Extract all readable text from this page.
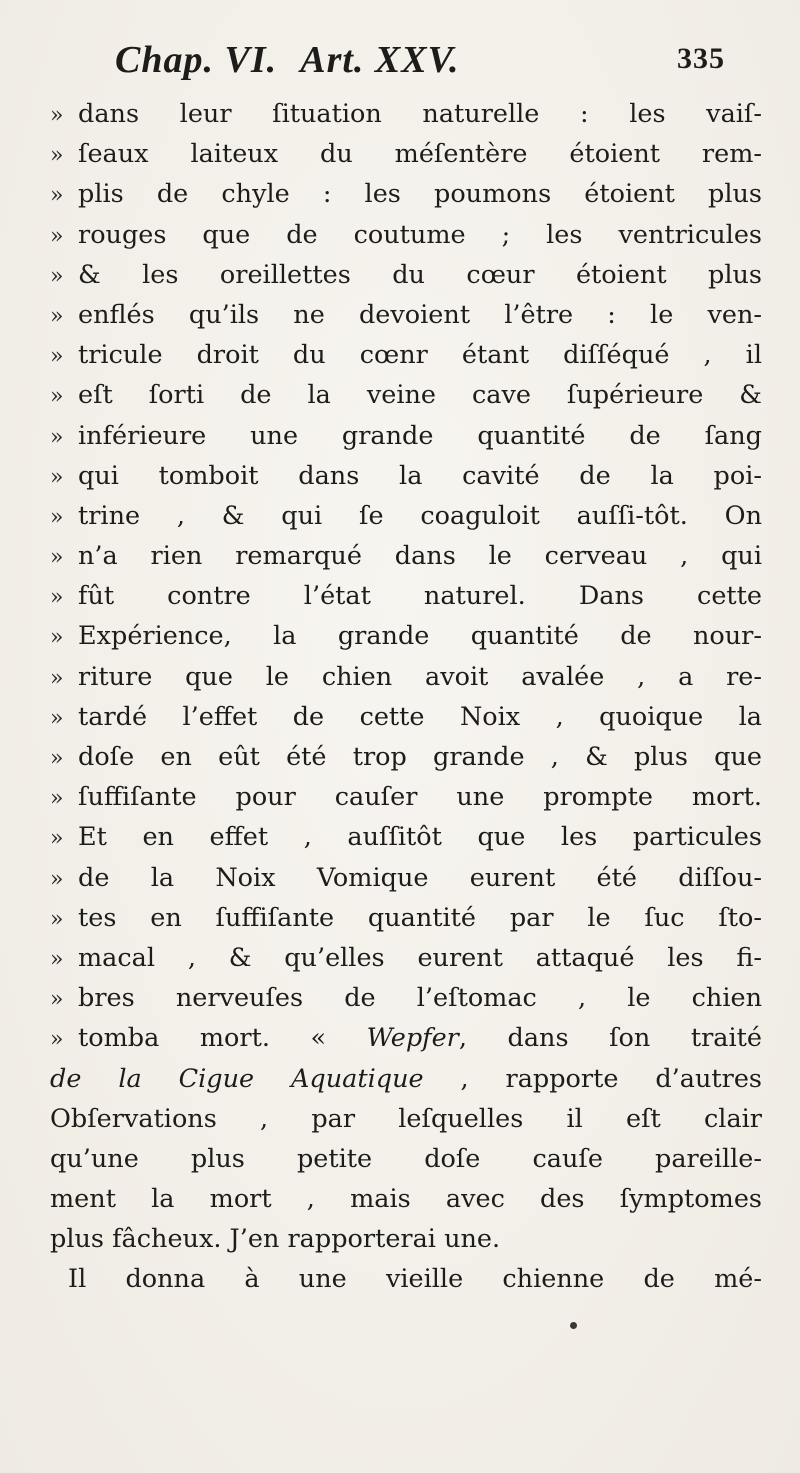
Chap. VI. Art. XXV.	335
» dans leur ſituation naturelle : les vaiſ-
» ſeaux laiteux du méſentère étoient rem-
» plis de chyle : les poumons étoient plus
» rouges que de coutume ; les ventricules
» & les oreillettes du cœur étoient plus
» enflés qu’ils ne devoient l’être : le ven-
» tricule droit du cœnr étant diſſéqué , il
» eſt ſorti de la veine cave ſupérieure &
» inférieure une grande quantité de ſang
» qui tomboit dans la cavité de la poi-
» trine , & qui ſe coaguloit auſſi-tôt. On
» n’a rien remarqué dans le cerveau , qui
» fût contre l’état naturel. Dans cette
» Expérience, la grande quantité de nour-
» riture que le chien avoit avalée , a re-
» tardé l’effet de cette Noix , quoique la
» doſe en eût été trop grande , & plus que
» ſuffiſante pour cauſer une prompte mort.
» Et en effet , auſſitôt que les particules
» de la Noix Vomique eurent été diſſou-
» tes en ſuffiſante quantité par le ſuc ſto-
» macal , & qu’elles eurent attaqué les fi-
» bres nerveuſes de l’eſtomac , le chien
» tomba mort. « Wepfer, dans ſon traité
de la Cigue Aquatique , rapporte d’autres
Obſervations , par leſquelles il eſt clair
qu’une plus petite doſe cauſe pareille-
ment la mort , mais avec des ſymptomes
plus fâcheux. J’en rapporterai une.
Il donna à une vieille chienne de mé-
